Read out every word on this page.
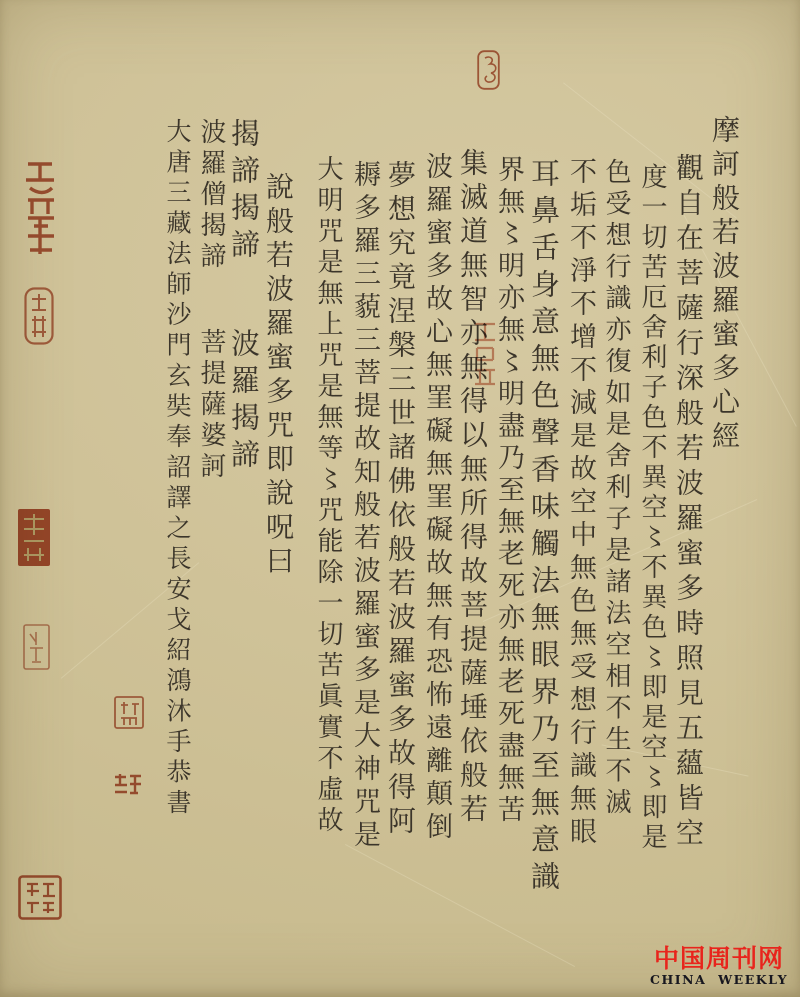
摩訶般若波羅蜜多心經
觀自在菩薩行深般若波羅蜜多時照見五蘊皆空
度一切苦厄舍利子色不異空〻不異色〻即是空〻即是
色受想行識亦復如是舍利子是諸法空相不生不滅
不垢不淨不增不減是故空中無色無受想行識無眼
耳鼻舌身意無色聲香味觸法無眼界乃至無意識
界無〻明亦無〻明盡乃至無老死亦無老死盡無苦
集滅道無智亦無得以無所得故菩提薩埵依般若
波羅蜜多故心無罣礙無罣礙故無有恐怖遠離顛倒
夢想究竟涅槃三世諸佛依般若波羅蜜多故得阿
耨多羅三藐三菩提故知般若波羅蜜多是大神咒是
大明咒是無上咒是無等〻咒能除一切苦眞實不虛故
說般若波羅蜜多咒即說呪曰
揭諦揭諦波羅揭諦
波羅僧揭諦菩提薩婆訶
大唐三藏法師沙門玄奘奉詔譯之長安戈紹鴻沐手恭書
中国周刊网
CHINA WEEKLY
